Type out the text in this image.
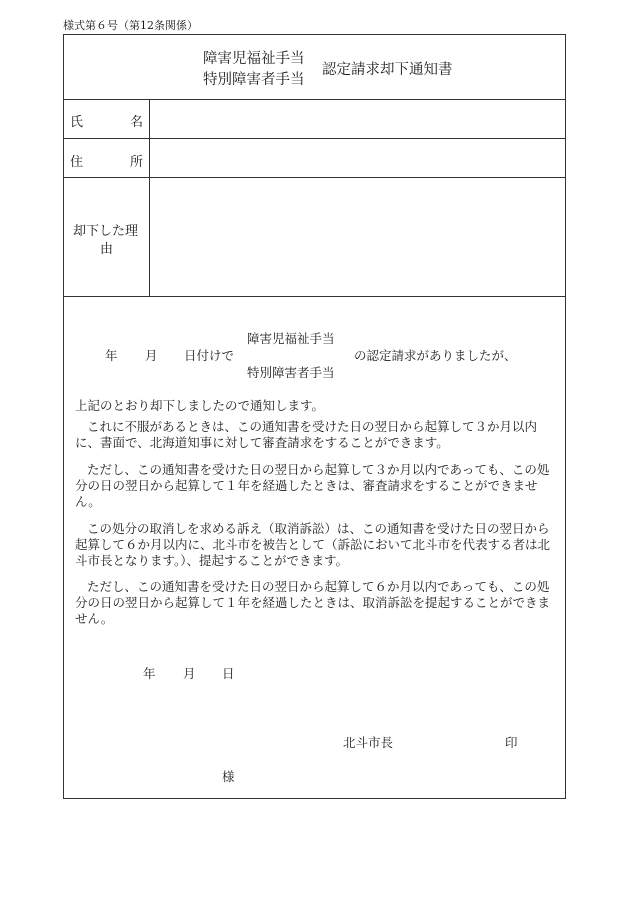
様式第６号（第12条関係）
障害児福祉手当
特別障害者手当
認定請求却下通知書
氏	名
住	所
却下した理
由
年 月 日付けで
障害児福祉手当
特別障害者手当
の認定請求がありましたが、
上記のとおり却下しましたので通知します。
これに不服があるときは、この通知書を受けた日の翌日から起算して３か月以内に、書面で、北海道知事に対して審査請求をすることができます。
ただし、この通知書を受けた日の翌日から起算して３か月以内であっても、この処分の日の翌日から起算して１年を経過したときは、審査請求をすることができません。
この処分の取消しを求める訴え（取消訴訟）は、この通知書を受けた日の翌日から起算して６か月以内に、北斗市を被告として（訴訟において北斗市を代表する者は北斗市長となります。）、提起することができます。
ただし、この通知書を受けた日の翌日から起算して６か月以内であっても、この処分の日の翌日から起算して１年を経過したときは、取消訴訟を提起することができません。
年 月 日
北斗市長	印
様
